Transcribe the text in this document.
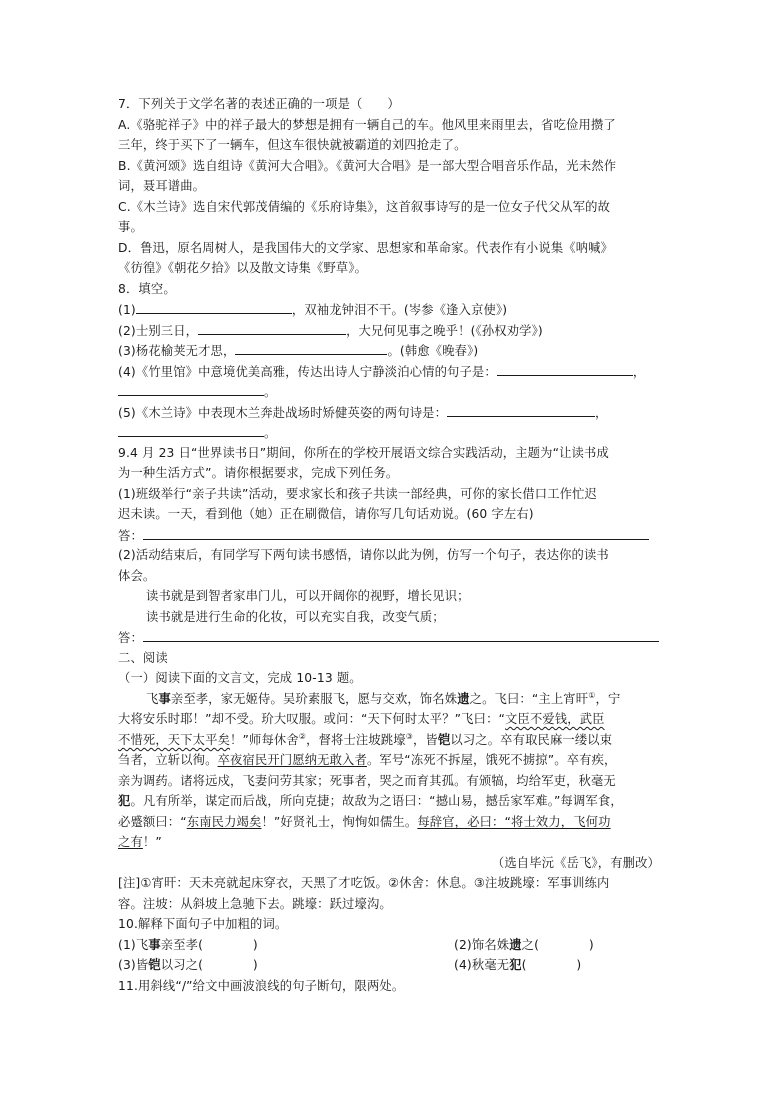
7．下列关于文学名著的表述正确的一项是（　　）
A.《骆驼祥子》中的祥子最大的梦想是拥有一辆自己的车。他风里来雨里去，省吃俭用攒了
三年，终于买下了一辆车，但这车很快就被霸道的刘四抢走了。
B.《黄河颂》选自组诗《黄河大合唱》。《黄河大合唱》是一部大型合唱音乐作品，光未然作
词，聂耳谱曲。
C.《木兰诗》选自宋代郭茂倩编的《乐府诗集》，这首叙事诗写的是一位女子代父从军的故
事。
D．鲁迅，原名周树人，是我国伟大的文学家、思想家和革命家。代表作有小说集《呐喊》
《彷徨》《朝花夕拾》以及散文诗集《野草》。
8．填空。
(1)	，双袖龙钟泪不干。(岑参《逢入京使》)
(2)士别三日，	，大兄何见事之晚乎！(《孙权劝学》)
(3)杨花榆荚无才思，	。(韩愈《晚春》)
(4)《竹里馆》中意境优美高雅，传达出诗人宁静淡泊心情的句子是：	，
。
(5)《木兰诗》中表现木兰奔赴战场时矫健英姿的两句诗是：	，
。
9.4 月 23 日“世界读书日”期间，你所在的学校开展语文综合实践活动，主题为“让读书成
为一种生活方式”。请你根据要求，完成下列任务。
(1)班级举行“亲子共读”活动，要求家长和孩子共读一部经典，可你的家长借口工作忙迟
迟未读。一天，看到他（她）正在刷微信，请你写几句话劝说。(60 字左右)
答：
(2)活动结束后，有同学写下两句读书感悟，请你以此为例，仿写一个句子，表达你的读书
体会。
读书就是到智者家串门儿，可以开阔你的视野，增长见识；
读书就是进行生命的化妆，可以充实自我，改变气质；
答：
二、阅读
（一）阅读下面的文言文，完成 10-13 题。
飞事亲至孝，家无姬侍。吴玠素服飞，愿与交欢，饰名姝遗之。飞曰：“主上宵旰①，宁
大将安乐时耶！”却不受。玠大叹服。或问：“天下何时太平？”飞曰：“文臣不爱钱，武臣
不惜死，天下太平矣！”师每休舍②，督将士注坡跳壕③，皆铠以习之。卒有取民麻一缕以束
刍者，立斩以徇。卒夜宿民开门愿纳无敢入者。军号“冻死不拆屋，饿死不掳掠”。卒有疾，
亲为调药。诸将远戍，飞妻问劳其家；死事者，哭之而育其孤。有颁犒，均给军吏，秋毫无
犯。凡有所举，谋定而后战，所向克捷；故敌为之语曰：“撼山易，撼岳家军难。”每调军食，
必蹙额曰：“东南民力竭矣！”好贤礼士，恂恂如儒生。每辞官，必曰：“将士效力，飞何功
之有！”
（选自毕沅《岳飞》，有删改）
[注]①宵旰：天未亮就起床穿衣，天黑了才吃饭。②休舍：休息。③注坡跳壕：军事训练内
容。注坡：从斜坡上急驰下去。跳壕：跃过壕沟。
10.解释下面句子中加粗的词。
(1)飞事亲至孝(　　　　)	(2)饰名姝遗之(　　　　)
(3)皆铠以习之(　　　　)	(4)秋毫无犯(　　　　)
11.用斜线“/”给文中画波浪线的句子断句，限两处。
